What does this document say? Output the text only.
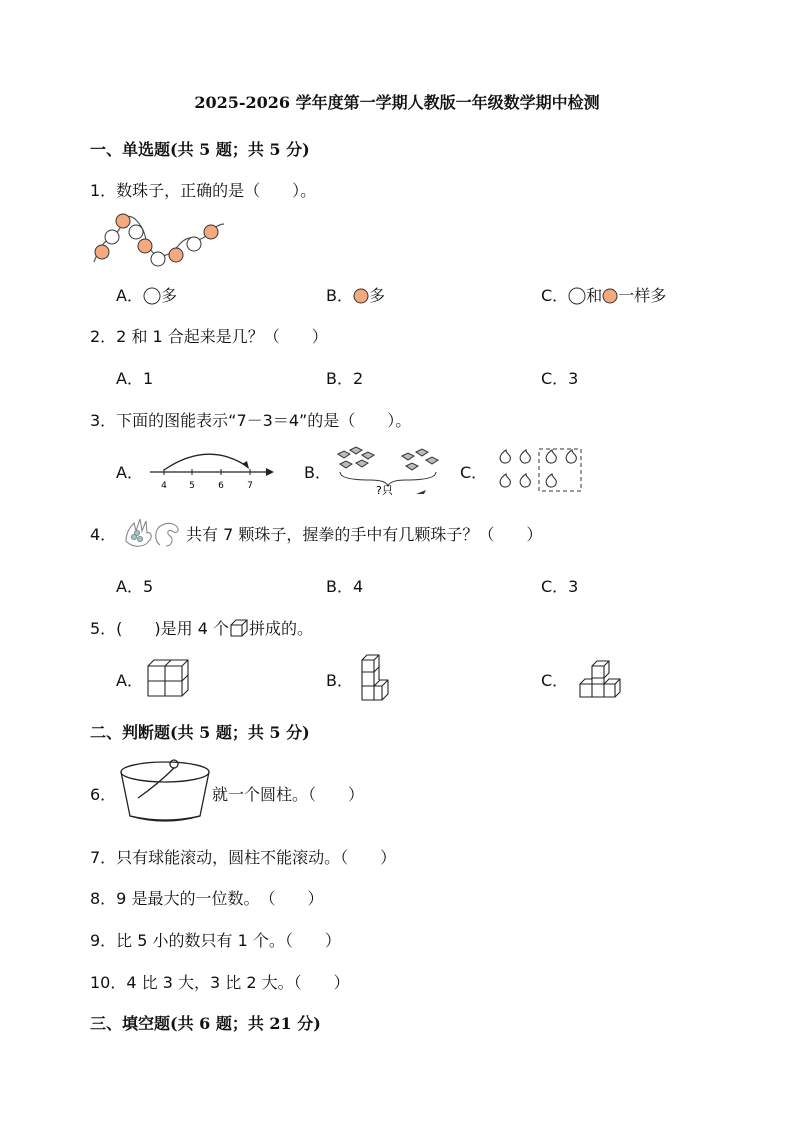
2025-2026 学年度第一学期人教版一年级数学期中检测
一、单选题(共 5 题；共 5 分)
1．数珠子，正确的是（　　）。
A． 多	B． 多	C． 和 一样多
2．2 和 1 合起来是几？（　　）
A．1	B．2	C．3
3．下面的图能表示“7－3＝4”的是（　　）。
A．
4 5	6	7
B．
?只
C．
4．	共有 7 颗珠子，握拳的手中有几颗珠子？（　　）
A．5	B．4	C．3
5．(　　)是用 4 个 拼成的。
A．	B．	C．
二、判断题(共 5 题；共 5 分)
6．	就一个圆柱。（　　）
7．只有球能滚动，圆柱不能滚动。（　　）
8．9 是最大的一位数。　（　　）
9．比 5 小的数只有 1 个。（　　）
10．4 比 3 大，3 比 2 大。（　　）
三、填空题(共 6 题；共 21 分)
